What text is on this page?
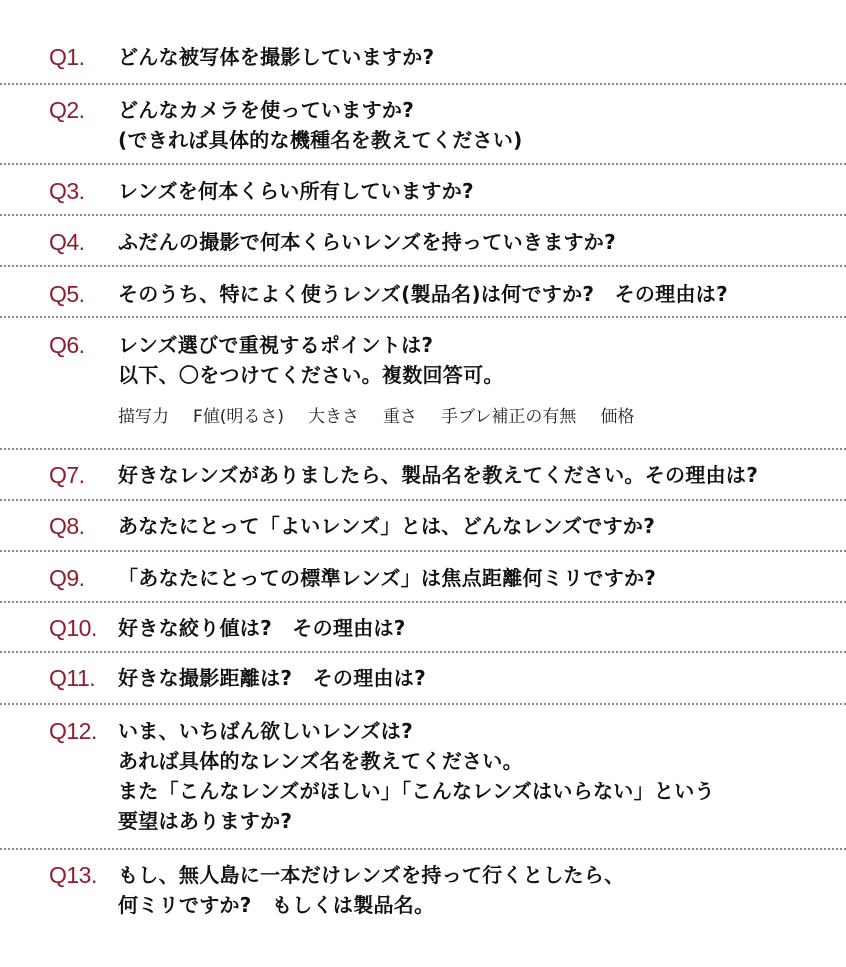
Q1. どんな被写体を撮影していますか?
Q2. どんなカメラを使っていますか?
(できれば具体的な機種名を教えてください)
Q3. レンズを何本くらい所有していますか?
Q4. ふだんの撮影で何本くらいレンズを持っていきますか?
Q5. そのうち、特によく使うレンズ(製品名)は何ですか?　その理由は?
Q6. レンズ選びで重視するポイントは?
以下、〇をつけてください。複数回答可。
描写力 F値(明るさ) 大きさ 重さ 手ブレ補正の有無 価格
Q7. 好きなレンズがありましたら、製品名を教えてください。その理由は?
Q8. あなたにとって「よいレンズ」とは、どんなレンズですか?
Q9. 「あなたにとっての標準レンズ」は焦点距離何ミリですか?
Q10. 好きな絞り値は?　その理由は?
Q11. 好きな撮影距離は?　その理由は?
Q12. いま、いちばん欲しいレンズは?
あれば具体的なレンズ名を教えてください。
また「こんなレンズがほしい」「こんなレンズはいらない」という
要望はありますか?
Q13. もし、無人島に一本だけレンズを持って行くとしたら、
何ミリですか?　もしくは製品名。
